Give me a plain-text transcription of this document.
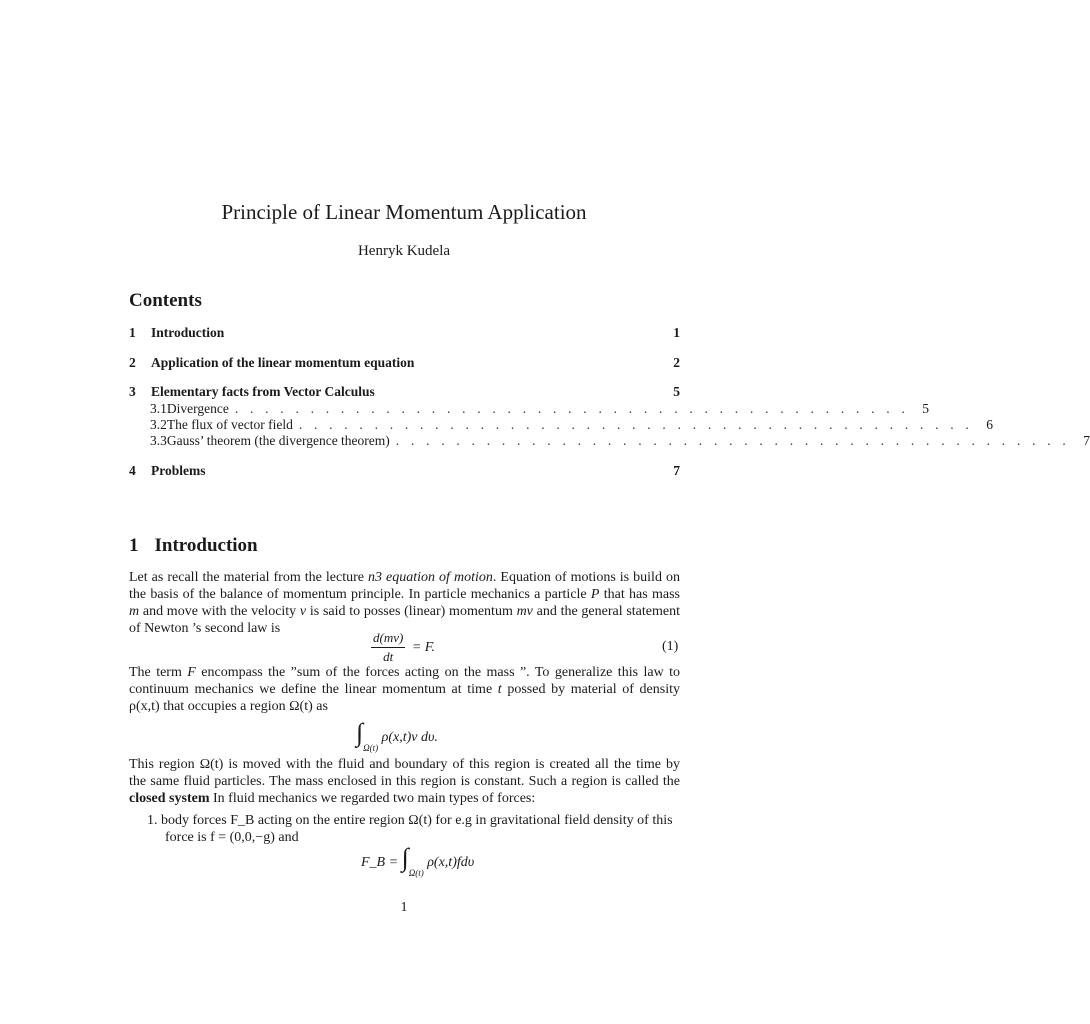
Principle of Linear Momentum Application
Henryk Kudela
Contents
1	Introduction	1
2	Application of the linear momentum equation	2
3	Elementary facts from Vector Calculus	5
3.1 Divergence . . . . . . . . . . . . . . . . . . . . . . . . . . . . . . . . . . . . . . . . . . . . . 5
3.2 The flux of vector field . . . . . . . . . . . . . . . . . . . . . . . . . . . . . . . . . . . . . . . . . . . . . 6
3.3 Gauss’ theorem (the divergence theorem) . . . . . . . . . . . . . . . . . . . . . . . . . . . . . . . . . . . . . . . . . . . . . 7
4	Problems	7
1 Introduction
Let as recall the material from the lecture n3 equation of motion. Equation of motions is build on
the basis of the balance of momentum principle. In particle mechanics a particle P that has mass
m and move with the velocity v is said to posses (linear) momentum mv and the general statement
of Newton ’s second law is
$\frac{d(mv)}{dt} = F$.	(1)
The term F encompass the ”sum of the forces acting on the mass ”. To generalize this law to
continuum mechanics we define the linear momentum at time t possed by material of density
ρ(x,t) that occupies a region Ω(t) as
$\int_{\Omega(t)}$ ρ(x,t)v dυ.
This region Ω(t) is moved with the fluid and boundary of this region is created all the time by
the same fluid particles. The mass enclosed in this region is constant. Such a region is called the
closed system In fluid mechanics we regarded two main types of forces:
1. body forces F_B acting on the entire region Ω(t) for e.g in gravitational field density of this
force is f = (0,0,−g) and
F_B = $\int_{\Omega(t)}$ ρ(x,t)fdυ
1
